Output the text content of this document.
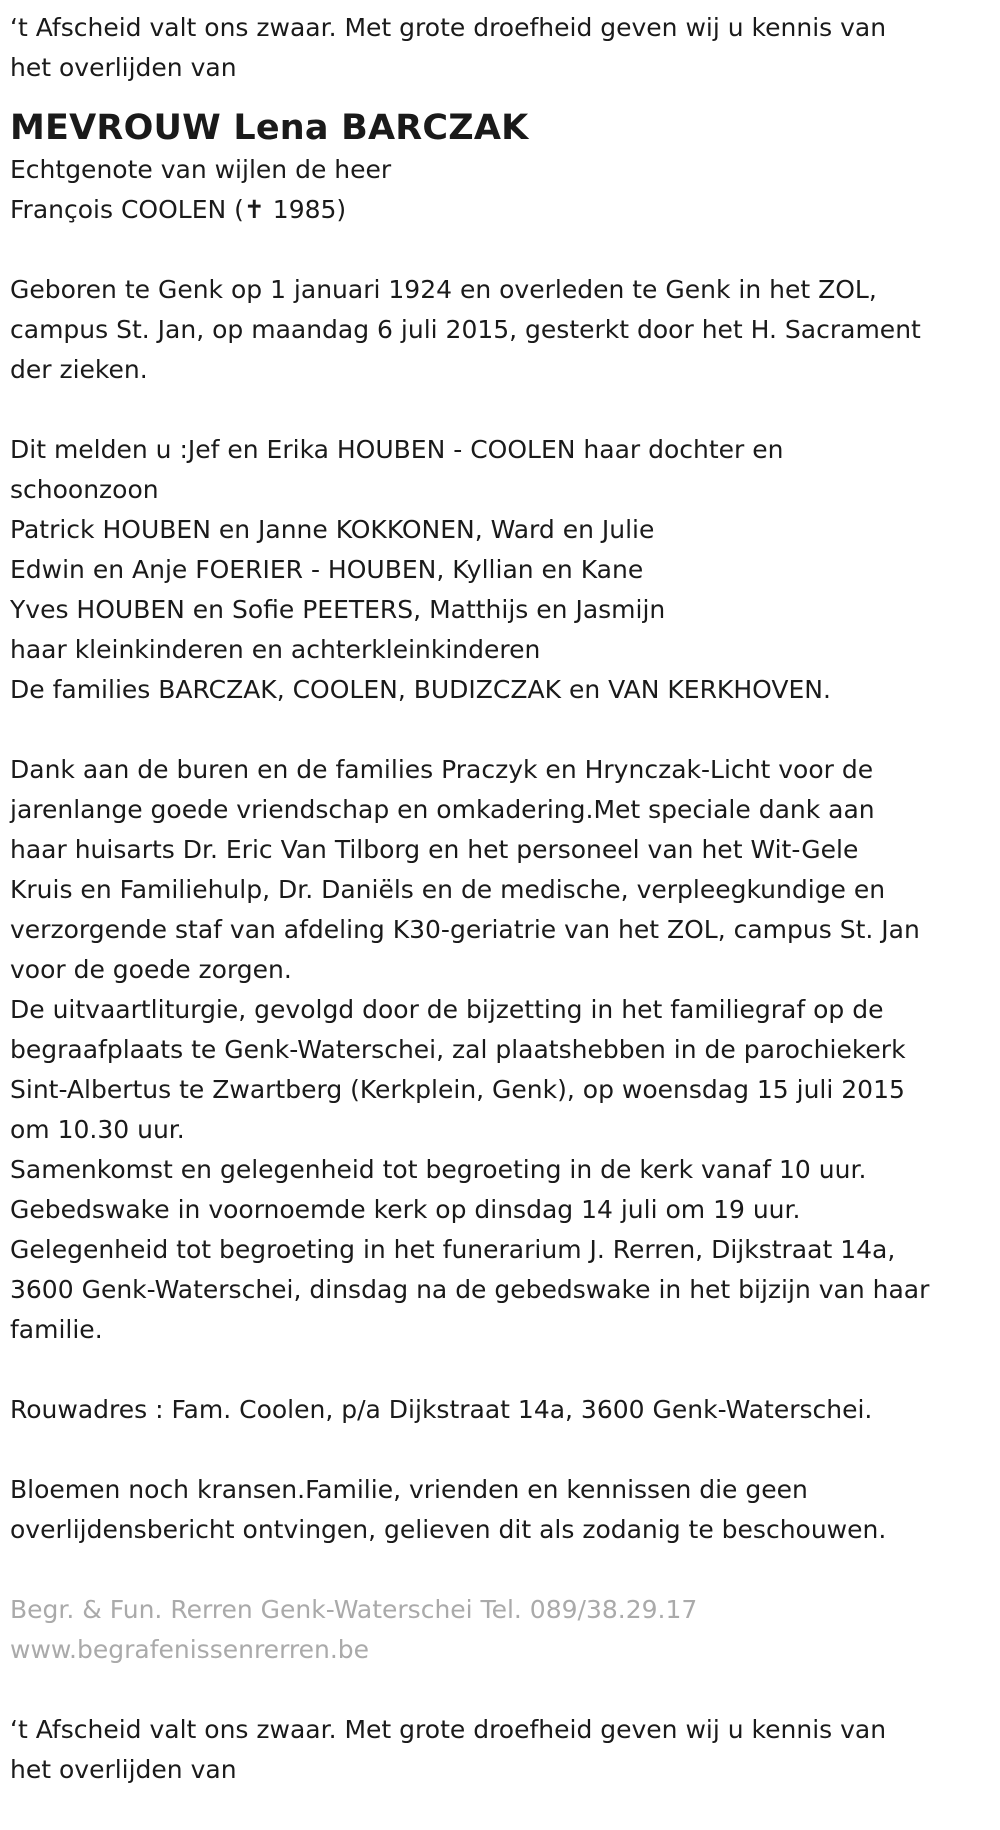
‘t Afscheid valt ons zwaar. Met grote droefheid geven wij u kennis van
het overlijden van

MEVROUW Lena BARCZAK

Echtgenote van wijlen de heer
François COOLEN (✝ 1985)

Geboren te Genk op 1 januari 1924 en overleden te Genk in het ZOL,
campus St. Jan, op maandag 6 juli 2015, gesterkt door het H. Sacrament
der zieken.

Dit melden u :Jef en Erika HOUBEN - COOLEN haar dochter en
schoonzoon
Patrick HOUBEN en Janne KOKKONEN, Ward en Julie
Edwin en Anje FOERIER - HOUBEN, Kyllian en Kane
Yves HOUBEN en Sofie PEETERS, Matthijs en Jasmijn
haar kleinkinderen en achterkleinkinderen
De families BARCZAK, COOLEN, BUDIZCZAK en VAN KERKHOVEN.

Dank aan de buren en de families Praczyk en Hrynczak-Licht voor de
jarenlange goede vriendschap en omkadering.Met speciale dank aan
haar huisarts Dr. Eric Van Tilborg en het personeel van het Wit-Gele
Kruis en Familiehulp, Dr. Daniëls en de medische, verpleegkundige en
verzorgende staf van afdeling K30-geriatrie van het ZOL, campus St. Jan
voor de goede zorgen.
De uitvaartliturgie, gevolgd door de bijzetting in het familiegraf op de
begraafplaats te Genk-Waterschei, zal plaatshebben in de parochiekerk
Sint-Albertus te Zwartberg (Kerkplein, Genk), op woensdag 15 juli 2015
om 10.30 uur.
Samenkomst en gelegenheid tot begroeting in de kerk vanaf 10 uur.
Gebedswake in voornoemde kerk op dinsdag 14 juli om 19 uur.
Gelegenheid tot begroeting in het funerarium J. Rerren, Dijkstraat 14a,
3600 Genk-Waterschei, dinsdag na de gebedswake in het bijzijn van haar
familie.

Rouwadres : Fam. Coolen, p/a Dijkstraat 14a, 3600 Genk-Waterschei.

Bloemen noch kransen.Familie, vrienden en kennissen die geen
overlijdensbericht ontvingen, gelieven dit als zodanig te beschouwen.

Begr. & Fun. Rerren Genk-Waterschei Tel. 089/38.29.17
www.begrafenissenrerren.be

‘t Afscheid valt ons zwaar. Met grote droefheid geven wij u kennis van
het overlijden van
